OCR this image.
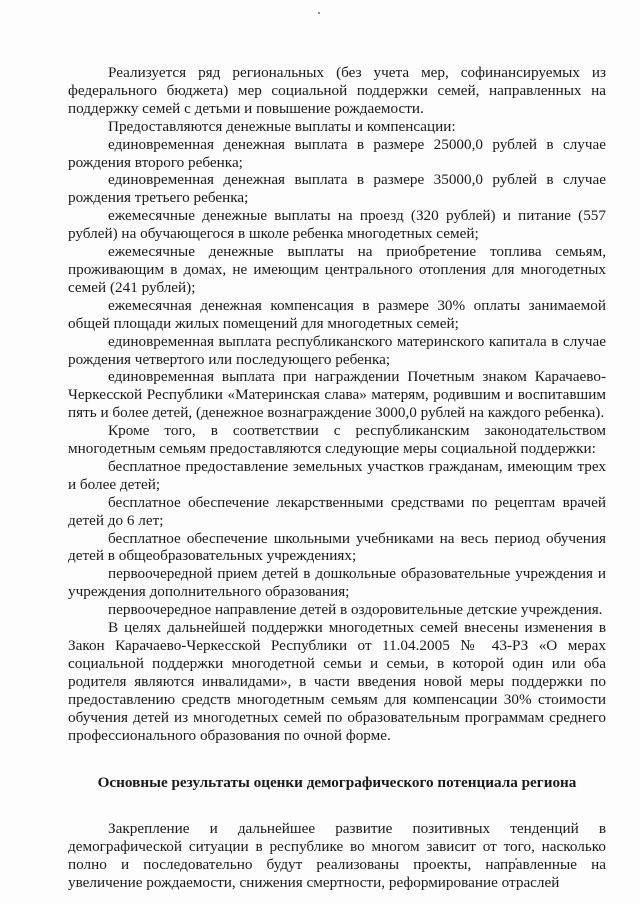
Реализуется ряд региональных (без учета мер, софинансируемых из федерального бюджета) мер социальной поддержки семей, направленных на поддержку семей с детьми и повышение рождаемости.

Предоставляются денежные выплаты и компенсации:

единовременная денежная выплата в размере 25000,0 рублей в случае рождения второго ребенка;

единовременная денежная выплата в размере 35000,0 рублей в случае рождения третьего ребенка;

ежемесячные денежные выплаты на проезд (320 рублей) и питание (557 рублей) на обучающегося в школе ребенка многодетных семей;

ежемесячные денежные выплаты на приобретение топлива семьям, проживающим в домах, не имеющим центрального отопления для многодетных семей (241 рублей);

ежемесячная денежная компенсация в размере 30% оплаты занимаемой общей площади жилых помещений для многодетных семей;

единовременная выплата республиканского материнского капитала в случае рождения четвертого или последующего ребенка;

единовременная выплата при награждении Почетным знаком Карачаево-Черкесской Республики «Материнская слава» матерям, родившим и воспитавшим пять и более детей, (денежное вознаграждение 3000,0 рублей на каждого ребенка).

Кроме того, в соответствии с республиканским законодательством многодетным семьям предоставляются следующие меры социальной поддержки:

бесплатное предоставление земельных участков гражданам, имеющим трех и более детей;

бесплатное обеспечение лекарственными средствами по рецептам врачей детей до 6 лет;

бесплатное обеспечение школьными учебниками на весь период обучения детей в общеобразовательных учреждениях;

первоочередной прием детей в дошкольные образовательные учреждения и учреждения дополнительного образования;

первоочередное направление детей в оздоровительные детские учреждения.

В целях дальнейшей поддержки многодетных семей внесены изменения в Закон Карачаево-Черкесской Республики от 11.04.2005 № 43-РЗ «О мерах социальной поддержки многодетной семьи и семьи, в которой один или оба родителя являются инвалидами», в части введения новой меры поддержки по предоставлению средств многодетным семьям для компенсации 30% стоимости обучения детей из многодетных семей по образовательным программам среднего профессионального образования по очной форме.

Основные результаты оценки демографического потенциала региона

Закрепление и дальнейшее развитие позитивных тенденций в демографической ситуации в республике во многом зависит от того, насколько полно и последовательно будут реализованы проекты, направленные на увеличение рождаемости, снижения смертности, реформирование отраслей
